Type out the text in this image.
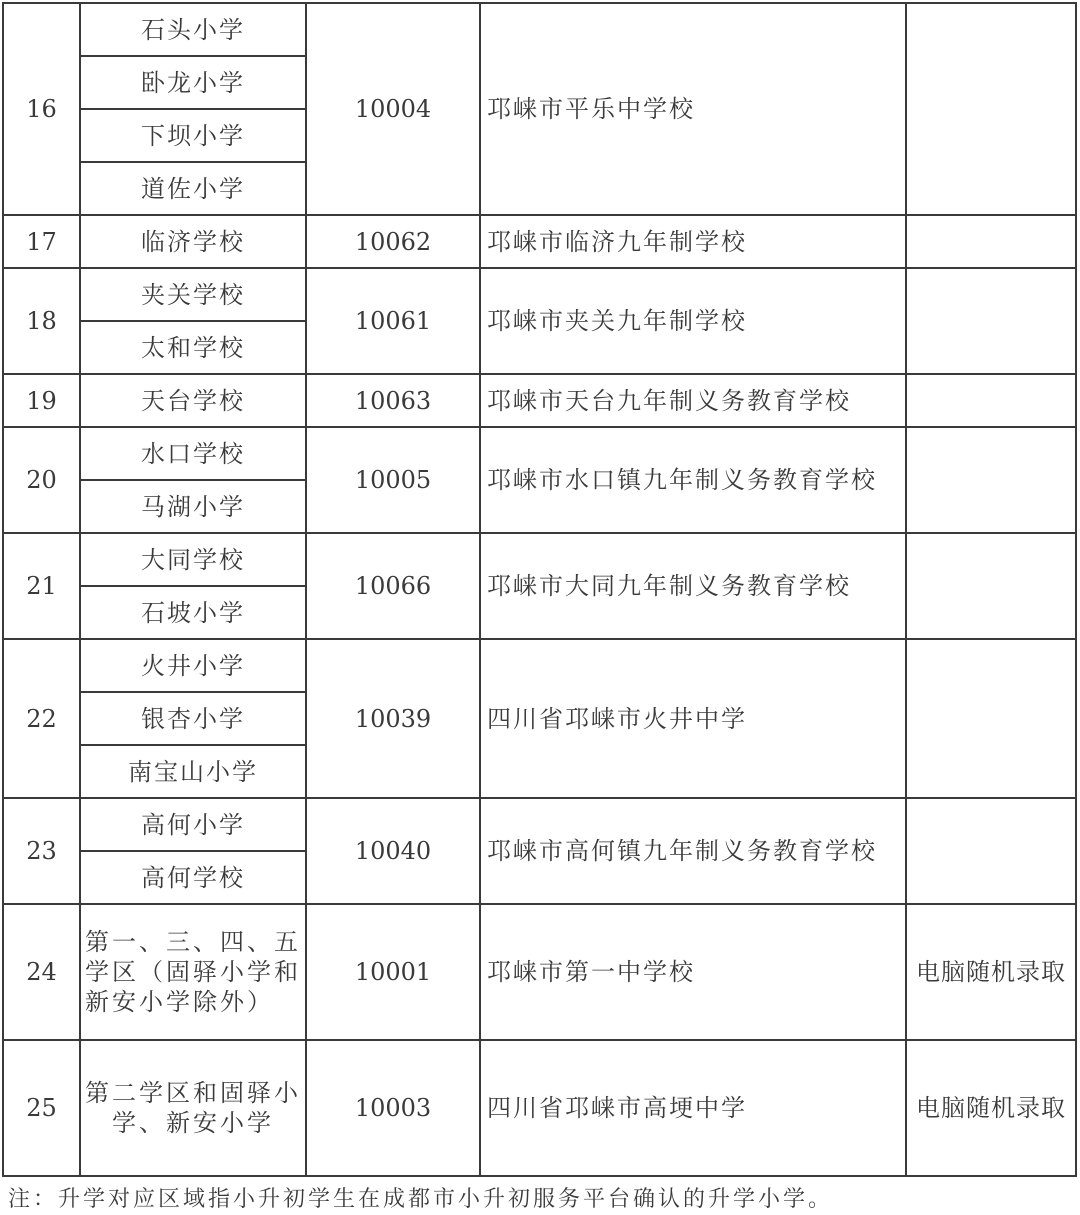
16	石头小学	10004	邛崃市平乐中学校	
	卧龙小学			
	下坝小学			
	道佐小学			
17	临济学校	10062	邛崃市临济九年制学校	
18	夹关学校	10061	邛崃市夹关九年制学校	
	太和学校			
19	天台学校	10063	邛崃市天台九年制义务教育学校	
20	水口学校	10005	邛崃市水口镇九年制义务教育学校	
	马湖小学			
21	大同学校	10066	邛崃市大同九年制义务教育学校	
	石坡小学			
22	火井小学	10039	四川省邛崃市火井中学	
	银杏小学			
	南宝山小学			
23	高何小学	10040	邛崃市高何镇九年制义务教育学校	
	高何学校			
24	第一、三、四、五学区（固驿小学和新安小学除外）	10001	邛崃市第一中学校	电脑随机录取
25	第二学区和固驿小学、新安小学	10003	四川省邛崃市高埂中学	电脑随机录取
注：升学对应区域指小升初学生在成都市小升初服务平台确认的升学小学。
